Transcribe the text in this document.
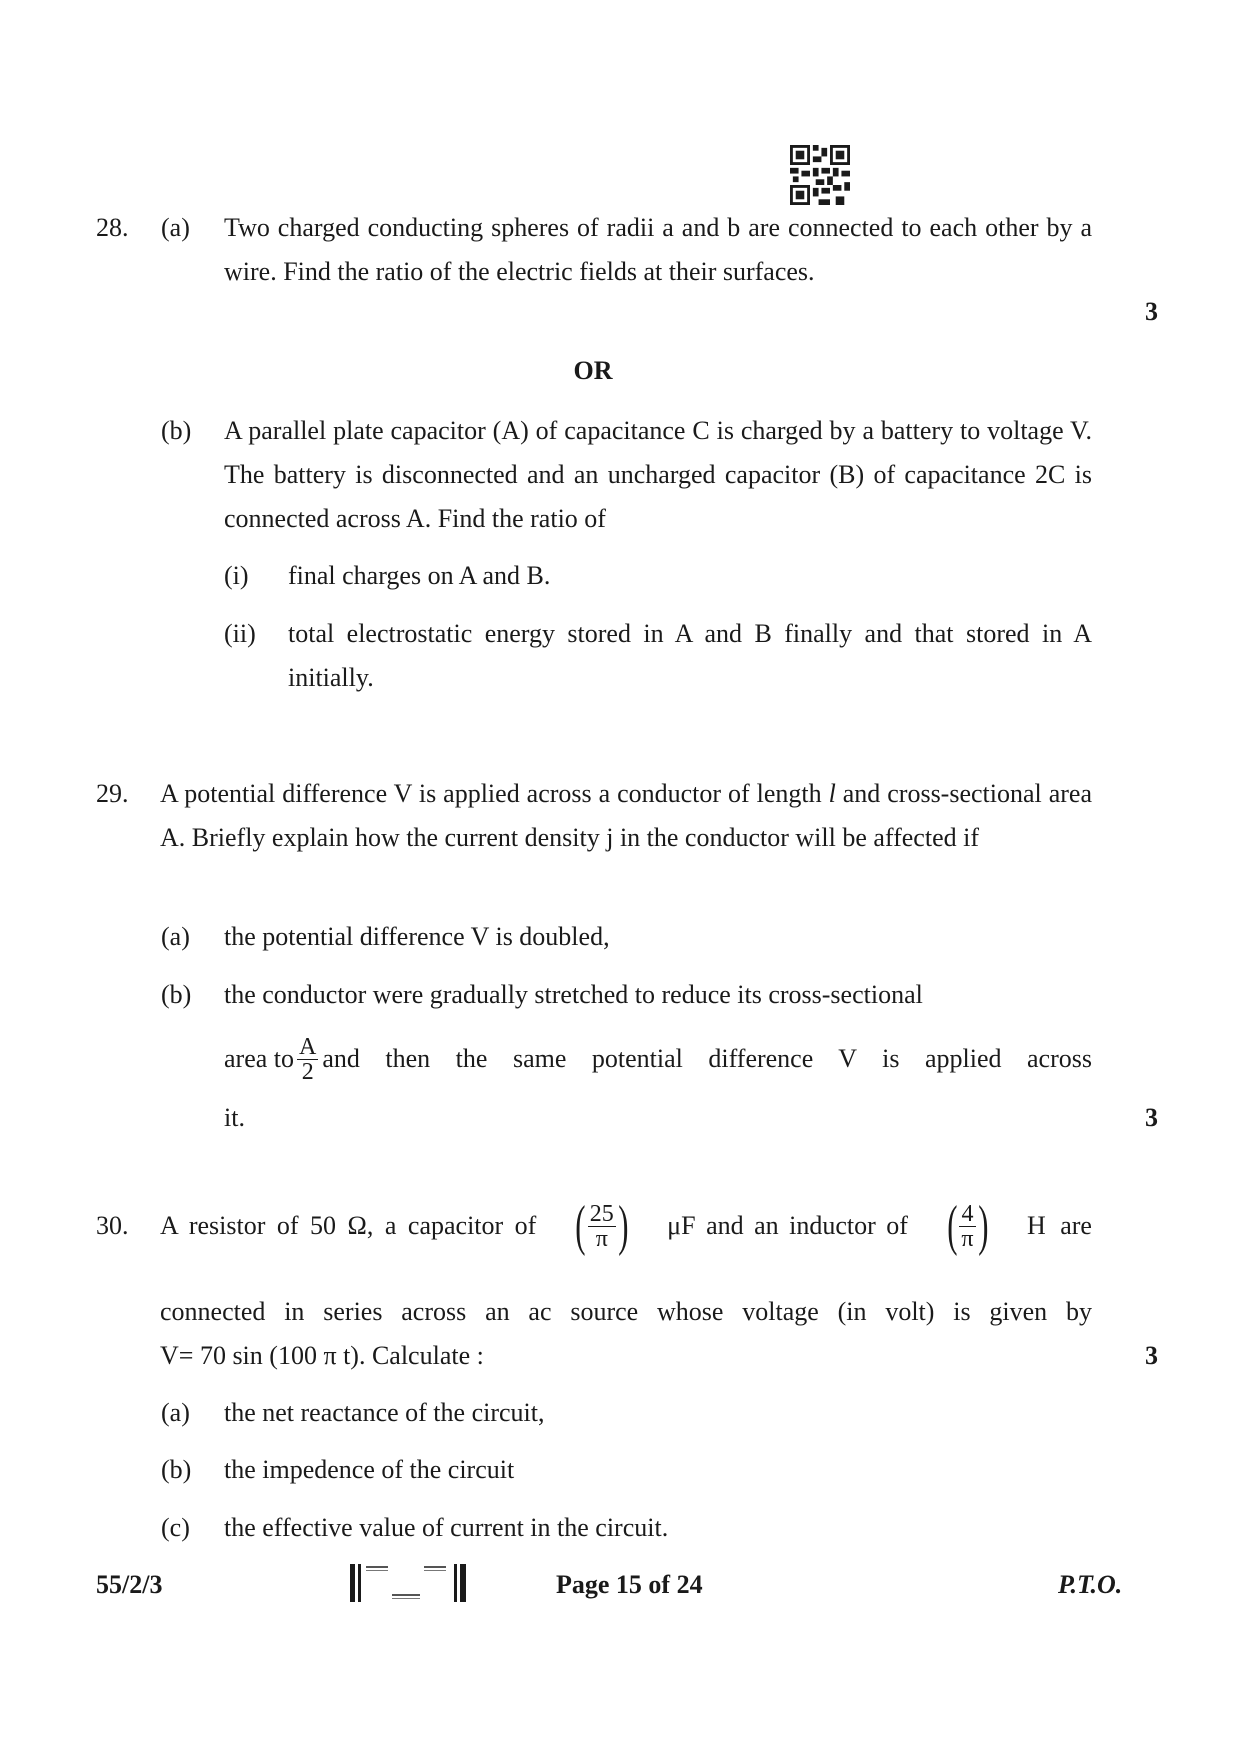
28. (a) Two charged conducting spheres of radii a and b are connected to each other by a wire. Find the ratio of the electric fields at their surfaces.
3
OR
(b) A parallel plate capacitor (A) of capacitance C is charged by a battery to voltage V. The battery is disconnected and an uncharged capacitor (B) of capacitance 2C is connected across A. Find the ratio of
(i) final charges on A and B.
(ii) total electrostatic energy stored in A and B finally and that stored in A initially.
29. A potential difference V is applied across a conductor of length l and cross-sectional area A. Briefly explain how the current density j in the conductor will be affected if
(a) the potential difference V is doubled,
(b) the conductor were gradually stretched to reduce its cross-sectional
area to $\frac{A}{2}$ and then the same potential difference V is applied across
it.	3
30. A resistor of 50 Ω, a capacitor of ( $\frac{25}{\pi}$ ) μF and an inductor of ( $\frac{4}{\pi}$ ) H are
connected in series across an ac source whose voltage (in volt) is given by
V= 70 sin (100 π t). Calculate :	3
(a) the net reactance of the circuit,
(b) the impedence of the circuit
(c) the effective value of current in the circuit.
55/2/3	Page 15 of 24	P.T.O.
